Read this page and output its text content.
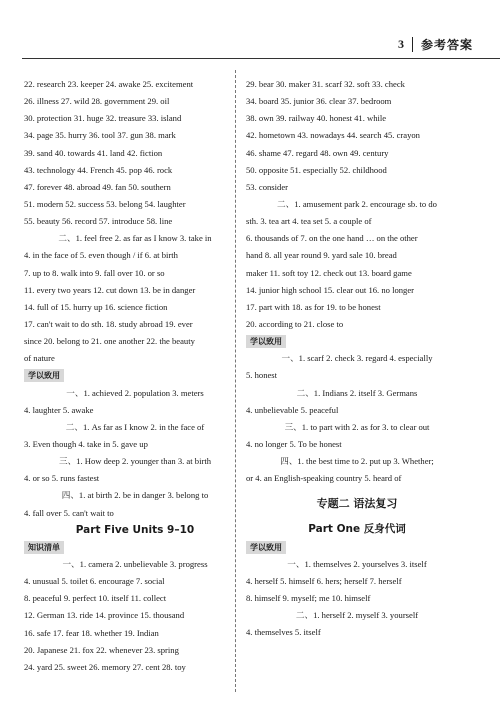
3	参考答案
22. research 23. keeper 24. awake 25. excitement
26. illness 27. wild 28. government 29. oil
30. protection 31. huge 32. treasure 33. island
34. page 35. hurry 36. tool 37. gun 38. mark
39. sand 40. towards 41. land 42. fiction
43. technology 44. French 45. pop 46. rock
47. forever 48. abroad 49. fan 50. southern
51. modern 52. success 53. belong 54. laughter
55. beauty 56. record 57. introduce 58. line
二、1. feel free 2. as far as I know 3. take in
4. in the face of 5. even though / if 6. at birth
7. up to 8. walk into 9. fall over 10. or so
11. every two years 12. cut down 13. be in danger
14. full of 15. hurry up 16. science fiction
17. can't wait to do sth. 18. study abroad 19. ever
since 20. belong to 21. one another 22. the beauty
of nature
学以致用
一、1. achieved 2. population 3. meters
4. laughter 5. awake
二、1. As far as I know 2. in the face of
3. Even though 4. take in 5. gave up
三、1. How deep 2. younger than 3. at birth
4. or so 5. runs fastest
四、1. at birth 2. be in danger 3. belong to
4. fall over 5. can't wait to
Part Five Units 9–10
知识清单
一、1. camera 2. unbelievable 3. progress
4. unusual 5. toilet 6. encourage 7. social
8. peaceful 9. perfect 10. itself 11. collect
12. German 13. ride 14. province 15. thousand
16. safe 17. fear 18. whether 19. Indian
20. Japanese 21. fox 22. whenever 23. spring
24. yard 25. sweet 26. memory 27. cent 28. toy
29. bear 30. maker 31. scarf 32. soft 33. check
34. board 35. junior 36. clear 37. bedroom
38. own 39. railway 40. honest 41. while
42. hometown 43. nowadays 44. search 45. crayon
46. shame 47. regard 48. own 49. century
50. opposite 51. especially 52. childhood
53. consider
二、1. amusement park 2. encourage sb. to do
sth. 3. tea art 4. tea set 5. a couple of
6. thousands of 7. on the one hand … on the other
hand 8. all year round 9. yard sale 10. bread
maker 11. soft toy 12. check out 13. board game
14. junior high school 15. clear out 16. no longer
17. part with 18. as for 19. to be honest
20. according to 21. close to
学以致用
一、1. scarf 2. check 3. regard 4. especially
5. honest
二、1. Indians 2. itself 3. Germans
4. unbelievable 5. peaceful
三、1. to part with 2. as for 3. to clear out
4. no longer 5. To be honest
四、1. the best time to 2. put up 3. Whether;
or 4. an English-speaking country 5. heard of
专题二 语法复习
Part One 反身代词
学以致用
一、1. themselves 2. yourselves 3. itself
4. herself 5. himself 6. hers; herself 7. herself
8. himself 9. myself; me 10. himself
二、1. herself 2. myself 3. yourself
4. themselves 5. itself
